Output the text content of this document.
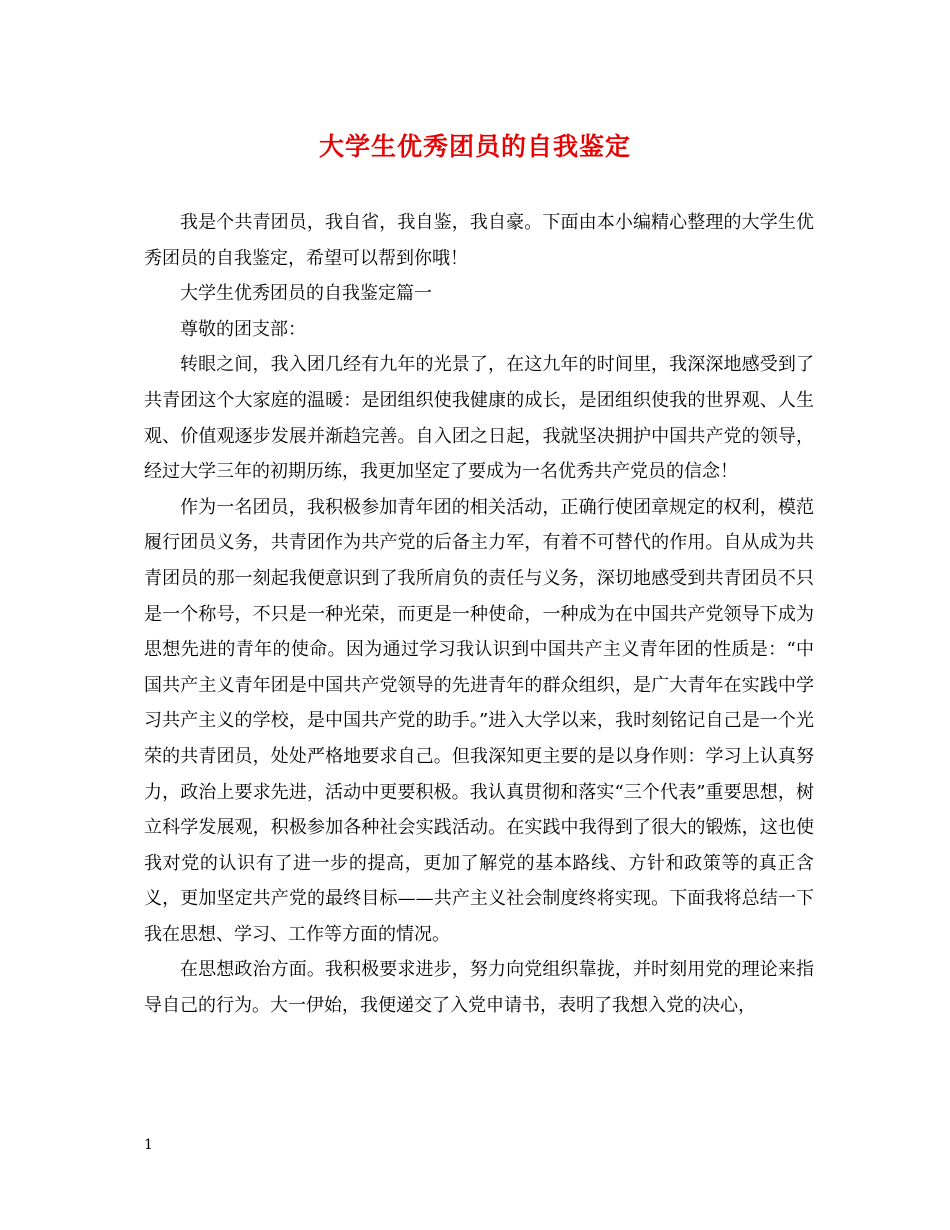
大学生优秀团员的自我鉴定

我是个共青团员，我自省，我自鉴，我自豪。下面由本小编精心整理的大学生优秀团员的自我鉴定，希望可以帮到你哦！

大学生优秀团员的自我鉴定篇一

尊敬的团支部：

转眼之间，我入团几经有九年的光景了，在这九年的时间里，我深深地感受到了共青团这个大家庭的温暖：是团组织使我健康的成长，是团组织使我的世界观、人生观、价值观逐步发展并渐趋完善。自入团之日起，我就坚决拥护中国共产党的领导，经过大学三年的初期历练，我更加坚定了要成为一名优秀共产党员的信念！

作为一名团员，我积极参加青年团的相关活动，正确行使团章规定的权利，模范履行团员义务，共青团作为共产党的后备主力军，有着不可替代的作用。自从成为共青团员的那一刻起我便意识到了我所肩负的责任与义务，深切地感受到共青团员不只是一个称号，不只是一种光荣，而更是一种使命，一种成为在中国共产党领导下成为思想先进的青年的使命。因为通过学习我认识到中国共产主义青年团的性质是：“中国共产主义青年团是中国共产党领导的先进青年的群众组织，是广大青年在实践中学习共产主义的学校，是中国共产党的助手。”进入大学以来，我时刻铭记自己是一个光荣的共青团员，处处严格地要求自己。但我深知更主要的是以身作则：学习上认真努力，政治上要求先进，活动中更要积极。我认真贯彻和落实“三个代表”重要思想，树立科学发展观，积极参加各种社会实践活动。在实践中我得到了很大的锻炼，这也使我对党的认识有了进一步的提高，更加了解党的基本路线、方针和政策等的真正含义，更加坚定共产党的最终目标——共产主义社会制度终将实现。下面我将总结一下我在思想、学习、工作等方面的情况。

在思想政治方面。我积极要求进步，努力向党组织靠拢，并时刻用党的理论来指导自己的行为。大一伊始，我便递交了入党申请书，表明了我想入党的决心，

1
